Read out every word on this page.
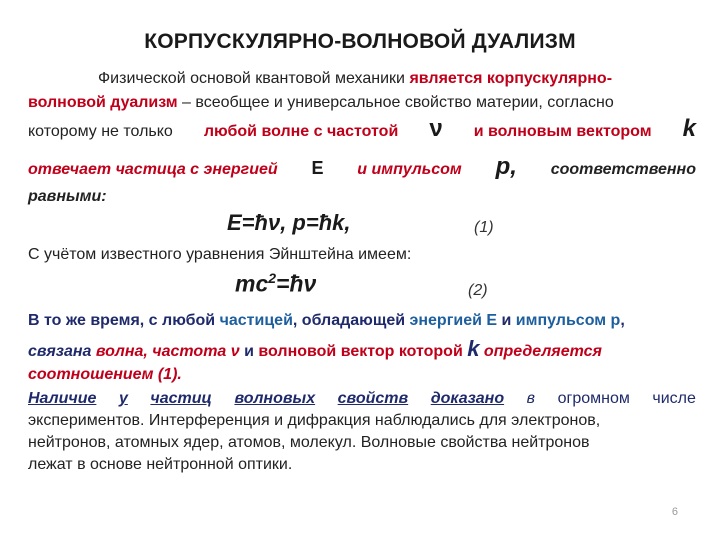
КОРПУСКУЛЯРНО-ВОЛНОВОЙ ДУАЛИЗМ
Физической основой квантовой механики является корпускулярно-
волновой дуализм – всеобщее и универсальное свойство материи, согласно
которому не только любой волне с частотой ν и волновым вектором k
отвечает частица с энергией E и импульсом p, соответственно
равными:
E=ħν, p=ħk,	(1)
С учётом известного уравнения Эйнштейна имеем:
$mc^2=ħ\nu$	(2)
В то же время, с любой частицей, обладающей энергией E и импульсом p,
связана волна, частота ν и волновой вектор которой k определяется
соотношением (1).
Наличие у частиц волновых свойств доказано в огромном числе
экспериментов. Интерференция и дифракция наблюдались для электронов,
нейтронов, атомных ядер, атомов, молекул. Волновые свойства нейтронов
лежат в основе нейтронной оптики.
6
